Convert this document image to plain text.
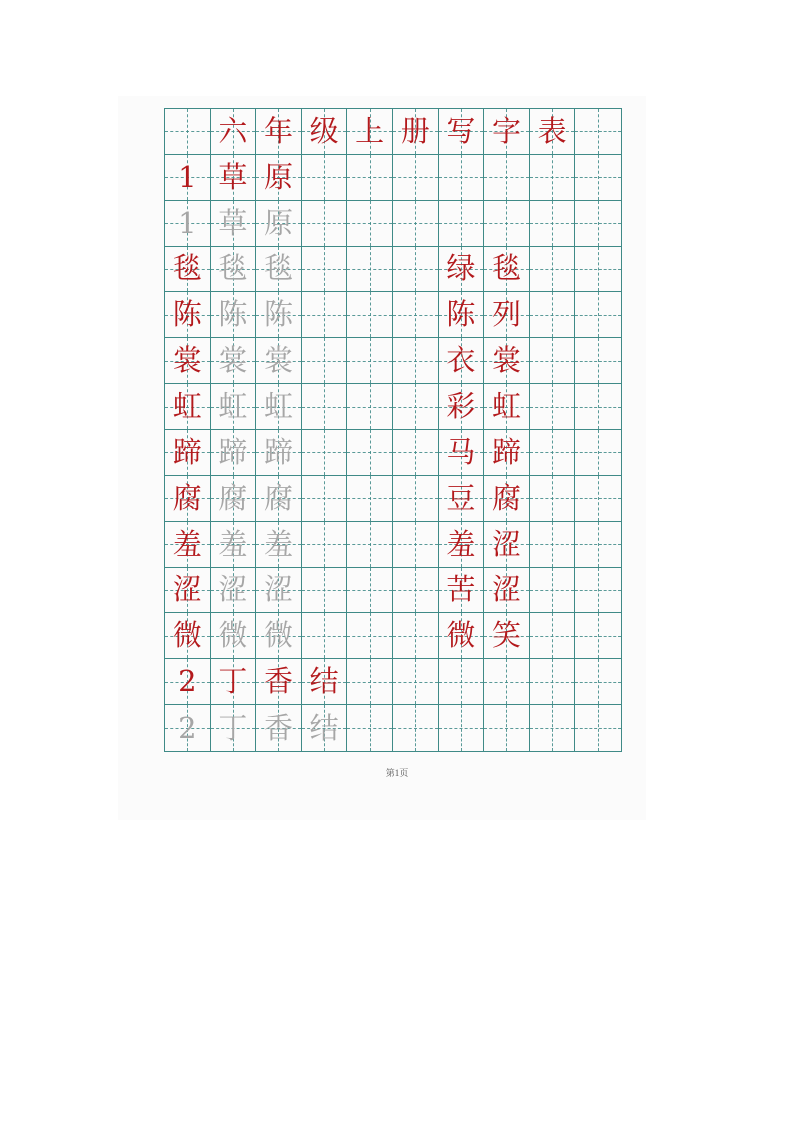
六 年 级 上 册 写 字 表
1 草 原
1 草 原
毯 毯 毯	绿 毯
陈 陈 陈	陈 列
裳 裳 裳	衣 裳
虹 虹 虹	彩 虹
蹄 蹄 蹄	马 蹄
腐 腐 腐	豆 腐
羞 羞 羞	羞 涩
涩 涩 涩	苦 涩
微 微 微	微 笑
2 丁 香 结
2 丁 香 结
第1页
